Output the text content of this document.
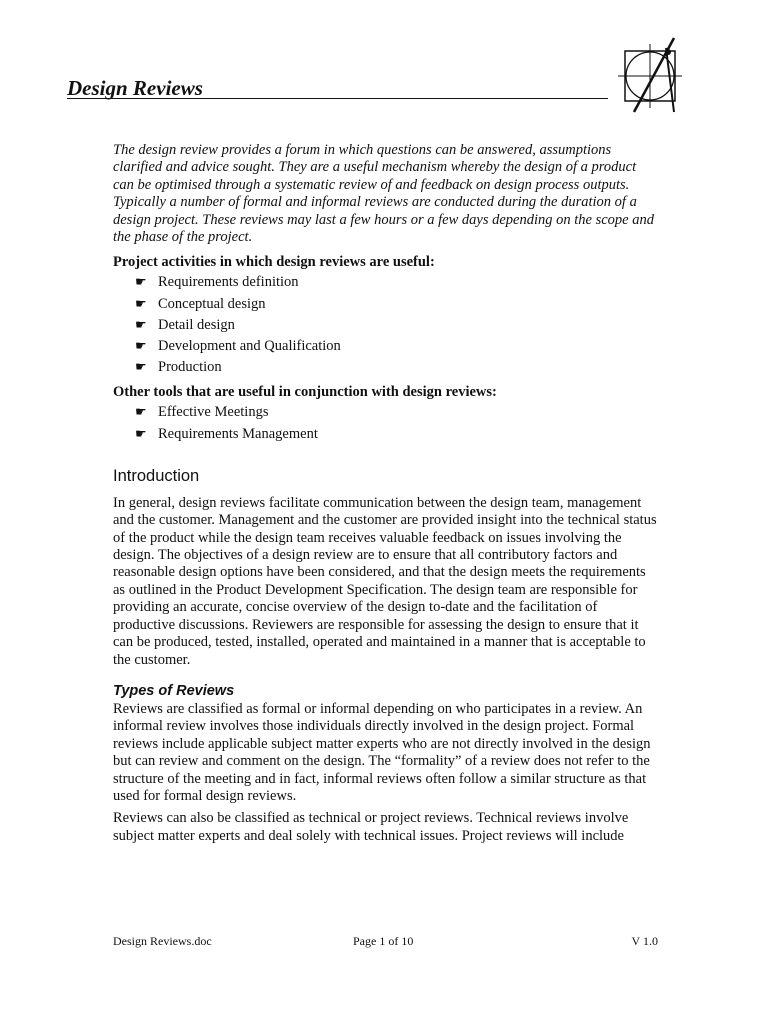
Design Reviews

The design review provides a forum in which questions can be answered, assumptions clarified and advice sought. They are a useful mechanism whereby the design of a product can be optimised through a systematic review of and feedback on design process outputs. Typically a number of formal and informal reviews are conducted during the duration of a design project. These reviews may last a few hours or a few days depending on the scope and the phase of the project.

Project activities in which design reviews are useful:

☛ Requirements definition
☛ Conceptual design
☛ Detail design
☛ Development and Qualification
☛ Production

Other tools that are useful in conjunction with design reviews:

☛ Effective Meetings
☛ Requirements Management
Introduction

In general, design reviews facilitate communication between the design team, management and the customer. Management and the customer are provided insight into the technical status of the product while the design team receives valuable feedback on issues involving the design. The objectives of a design review are to ensure that all contributory factors and reasonable design options have been considered, and that the design meets the requirements as outlined in the Product Development Specification. The design team are responsible for providing an accurate, concise overview of the design to-date and the facilitation of productive discussions. Reviewers are responsible for assessing the design to ensure that it can be produced, tested, installed, operated and maintained in a manner that is acceptable to the customer.

Types of Reviews

Reviews are classified as formal or informal depending on who participates in a review. An informal review involves those individuals directly involved in the design project. Formal reviews include applicable subject matter experts who are not directly involved in the design but can review and comment on the design. The “formality” of a review does not refer to the structure of the meeting and in fact, informal reviews often follow a similar structure as that used for formal design reviews.

Reviews can also be classified as technical or project reviews. Technical reviews involve subject matter experts and deal solely with technical issues. Project reviews will include

Design Reviews.doc	Page 1 of 10	V 1.0
